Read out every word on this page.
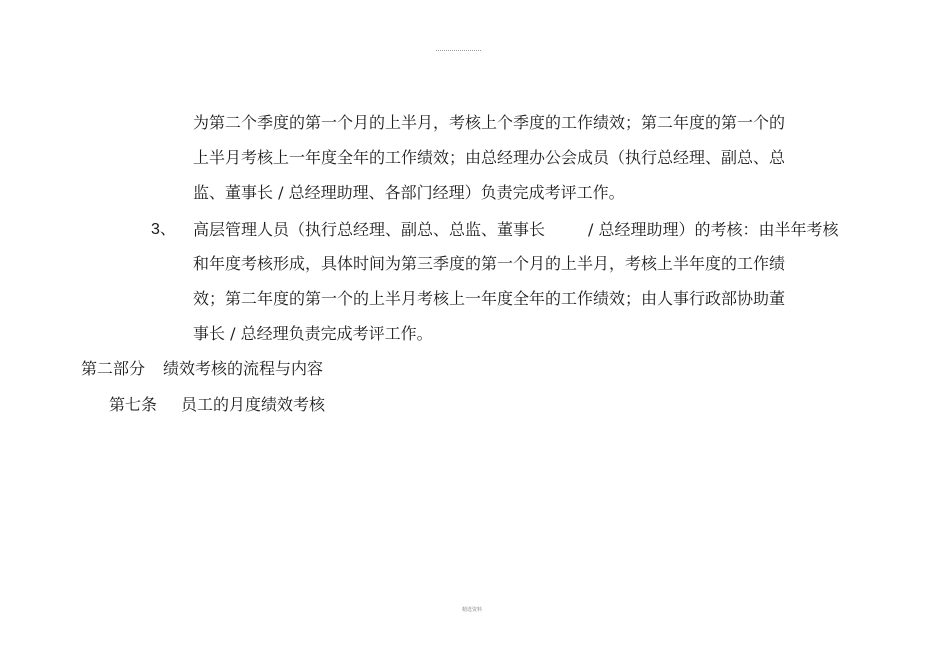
为第二个季度的第一个月的上半月，考核上个季度的工作绩效；第二年度的第一个的
上半月考核上一年度全年的工作绩效；由总经理办公会成员（执行总经理、副总、总
监、董事长 / 总经理助理、各部门经理）负责完成考评工作。
3、 高层管理人员（执行总经理、副总、总监、董事长	/ 总经理助理）的考核：由半年考核
和年度考核形成，具体时间为第三季度的第一个月的上半月，考核上半年度的工作绩
效；第二年度的第一个的上半月考核上一年度全年的工作绩效；由人事行政部协助董
事长 / 总经理负责完成考评工作。
第二部分 绩效考核的流程与内容
第七条 员工的月度绩效考核
精选资料
